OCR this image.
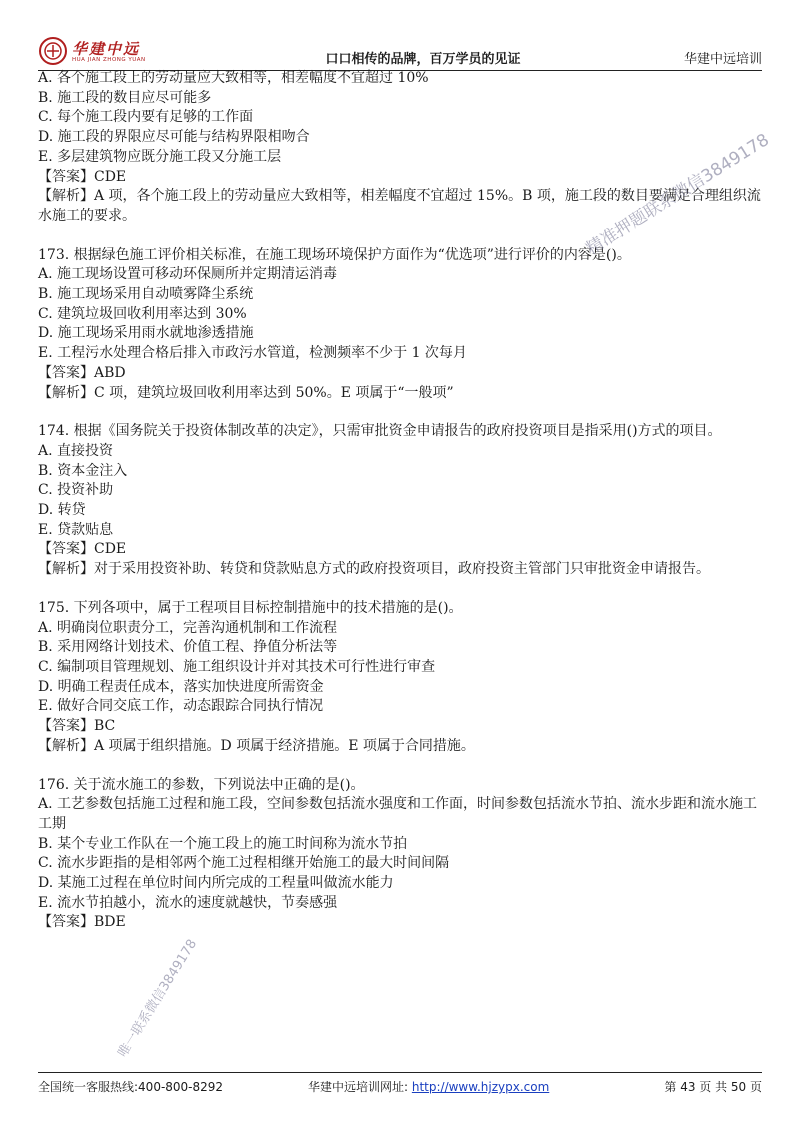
华建中远
HUA JIAN ZHONG YUAN	口口相传的品牌，百万学员的见证	华建中远培训

A. 各个施工段上的劳动量应大致相等，相差幅度不宜超过 10%

B. 施工段的数目应尽可能多

C. 每个施工段内要有足够的工作面

D. 施工段的界限应尽可能与结构界限相吻合

E. 多层建筑物应既分施工段又分施工层

【答案】CDE

【解析】A 项，各个施工段上的劳动量应大致相等，相差幅度不宜超过 15%。B 项，施工段的数目要满足合理组织流水施工的要求。

173. 根据绿色施工评价相关标准，在施工现场环境保护方面作为“优选项”进行评价的内容是()。

A. 施工现场设置可移动环保厕所并定期清运消毒

B. 施工现场采用自动喷雾降尘系统

C. 建筑垃圾回收利用率达到 30%

D. 施工现场采用雨水就地渗透措施

E. 工程污水处理合格后排入市政污水管道，检测频率不少于 1 次每月

【答案】ABD

【解析】C 项，建筑垃圾回收利用率达到 50%。E 项属于“一般项”

174. 根据《国务院关于投资体制改革的决定》，只需审批资金申请报告的政府投资项目是指采用()方式的项目。

A. 直接投资

B. 资本金注入

C. 投资补助

D. 转贷

E. 贷款贴息

【答案】CDE

【解析】对于采用投资补助、转贷和贷款贴息方式的政府投资项目，政府投资主管部门只审批资金申请报告。

175. 下列各项中，属于工程项目目标控制措施中的技术措施的是()。

A. 明确岗位职责分工，完善沟通机制和工作流程

B. 采用网络计划技术、价值工程、挣值分析法等

C. 编制项目管理规划、施工组织设计并对其技术可行性进行审查

D. 明确工程责任成本，落实加快进度所需资金

E. 做好合同交底工作，动态跟踪合同执行情况

【答案】BC

【解析】A 项属于组织措施。D 项属于经济措施。E 项属于合同措施。

176. 关于流水施工的参数，下列说法中正确的是()。

A. 工艺参数包括施工过程和施工段，空间参数包括流水强度和工作面，时间参数包括流水节拍、流水步距和流水施工工期

B. 某个专业工作队在一个施工段上的施工时间称为流水节拍

C. 流水步距指的是相邻两个施工过程相继开始施工的最大时间间隔

D. 某施工过程在单位时间内所完成的工程量叫做流水能力

E. 流水节拍越小，流水的速度就越快，节奏感强

【答案】BDE

全国统一客服热线:400-800-8292	华建中远培训网址: http://www.hjzypx.com	第 43 页 共 50 页
精准押题联系微信3849178
唯一联系微信3849178
